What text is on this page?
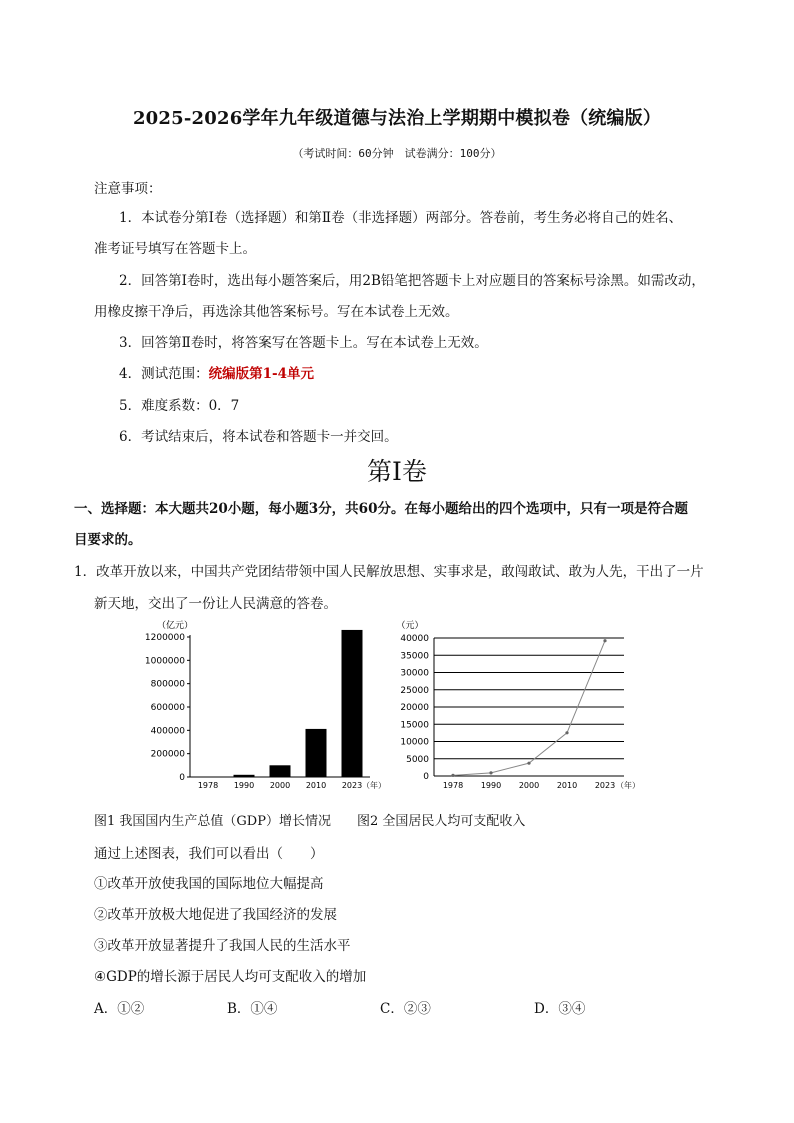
2025-2026学年九年级道德与法治上学期期中模拟卷（统编版）
（考试时间：60分钟　试卷满分：100分）
注意事项：
1．本试卷分第Ⅰ卷（选择题）和第Ⅱ卷（非选择题）两部分。答卷前，考生务必将自己的姓名、
准考证号填写在答题卡上。
2．回答第Ⅰ卷时，选出每小题答案后，用2B铅笔把答题卡上对应题目的答案标号涂黑。如需改动，
用橡皮擦干净后，再选涂其他答案标号。写在本试卷上无效。
3．回答第Ⅱ卷时，将答案写在答题卡上。写在本试卷上无效。
4．测试范围：统编版第1-4单元
5．难度系数：0．7
6．考试结束后，将本试卷和答题卡一并交回。
第Ⅰ卷
一、选择题：本大题共20小题，每小题3分，共60分。在每小题给出的四个选项中，只有一项是符合题
目要求的。
1．改革开放以来，中国共产党团结带领中国人民解放思想、实事求是，敢闯敢试、敢为人先，干出了一片
新天地，交出了一份让人民满意的答卷。
（亿元）
0
200000
400000
600000
800000
1000000
1200000
1978 1990 2000 2010 2023 （年）
（元）
0
5000
10000
15000
20000
25000
30000
35000
40000
1978 1990 2000 2010 2023 （年）
图1 我国国内生产总值（GDP）增长情况　　图2 全国居民人均可支配收入
通过上述图表，我们可以看出（　　）
①改革开放使我国的国际地位大幅提高
②改革开放极大地促进了我国经济的发展
③改革开放显著提升了我国人民的生活水平
④GDP的增长源于居民人均可支配收入的增加
A．①②	B．①④	C．②③	D．③④
